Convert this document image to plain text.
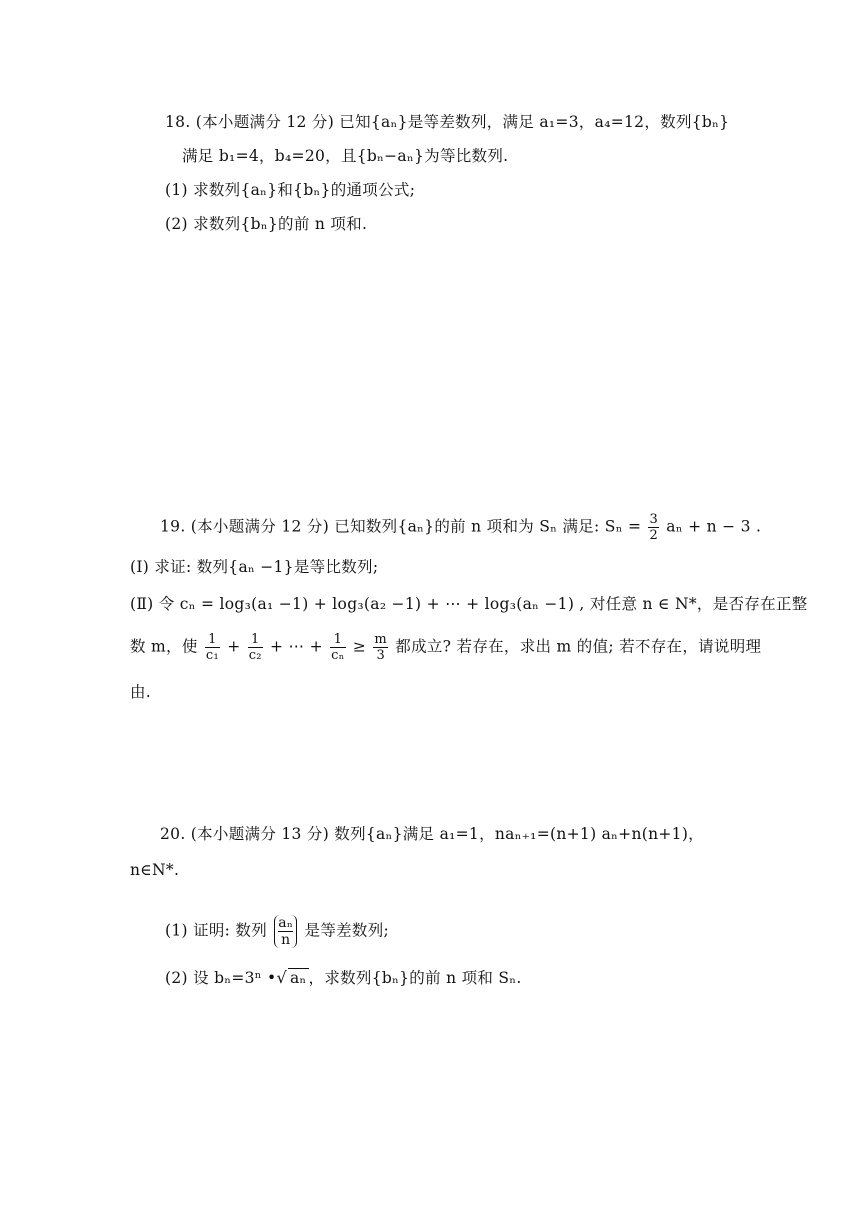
18. (本小题满分 12 分) 已知{aₙ}是等差数列，满足 a₁=3，a₄=12，数列{bₙ}
满足 b₁=4，b₄=20，且{bₙ−aₙ}为等比数列.
(1) 求数列{aₙ}和{bₙ}的通项公式;
(2) 求数列{bₙ}的前 n 项和.
19. (本小题满分 12 分) 已知数列{aₙ}的前 n 项和为 Sₙ 满足: $S_n = \frac{3}{2}$ aₙ + n − 3 .
(Ⅰ) 求证: 数列{aₙ −1}是等比数列;
(Ⅱ) 令 cₙ = log₃(a₁ −1) + log₃(a₂ −1) + ⋯ + log₃(aₙ −1) , 对任意 n ∈ N*，是否存在正整
数 m，使 $\frac{1}{\text{c₁}} + \frac{1}{\text{c₂}}$ + ⋯ + $\frac{1}{\text{cₙ}} \ge \frac{m}{3}$ 都成立? 若存在，求出 m 的值; 若不存在，请说明理
由.
20. (本小题满分 13 分) 数列{aₙ}满足 a₁=1，naₙ₊₁=(n+1) aₙ+n(n+1)，
n∈N*.
(1) 证明: 数列 $\frac{\text{aₙ}}{n}$ 是等差数列;
(2) 设 bₙ=3ⁿ •√ aₙ ，求数列{bₙ}的前 n 项和 Sₙ.
